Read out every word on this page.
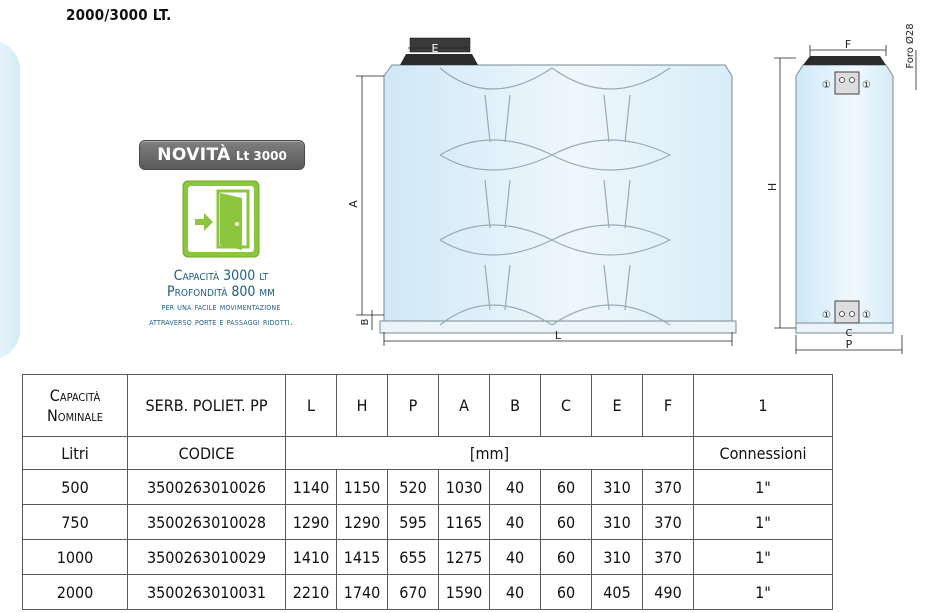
2000/3000 LT.
NOVITÀ Lt 3000
Capacità 3000 lt
Profondità 800 mm
per una facile movimentazione
attraverso porte e passaggi ridotti.
E
A
B
L
①	①
①	①
F	Foro Ø28
H
C
P
Capacità
Nominale	SERB. POLIET. PP	L	H	P	A	B	C	E	F	1
Litri	CODICE	[mm]								Connessioni
500	3500263010026	1140	1150	520	1030	40	60	310	370	1"
750	3500263010028	1290	1290	595	1165	40	60	310	370	1"
1000	3500263010029	1410	1415	655	1275	40	60	310	370	1"
2000	3500263010031	2210	1740	670	1590	40	60	405	490	1"
